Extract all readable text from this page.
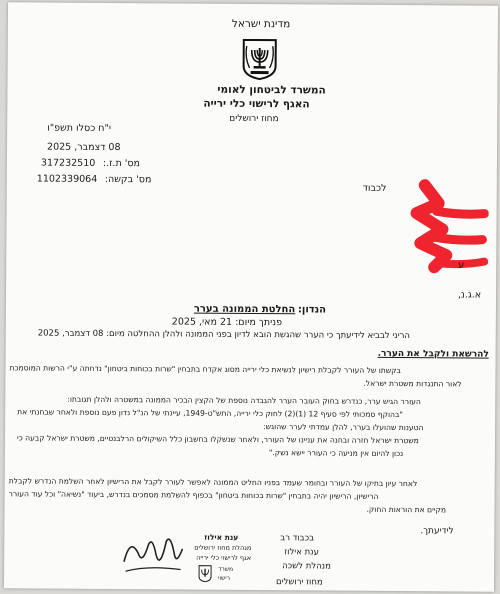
מדינת ישראל
המשרד לביטחון לאומי
האגף לרישוי כלי ירייה
מחוז ירושלים
י"ח כסלו תשפ"ו
08 דצמבר, 2025
317232510 מס' ת.ז.:
1102339064 מס' בקשה:
לכבוד
ע
א.ג.נ,
הנדון:
החלטת הממונה בערר
פניתך מיום: 21 מאי, 2025
הריני לבביא לידיעתך כי הערר שהגשת הובא לדיון בפני הממונה ולהלן ההחלטה מיום: 08 דצמבר, 2025
להרשאת ולקבל את הערר.
בקשתו של העורר לקבלת רישיון לנשיאת כלי ירייה מסוג אקדח בתבחין "שרות בכוחות ביטחון" נדחתה ע"י הרשות המוסמכת
לאור התנגדות משטרת ישראל.
העורר הגיש ערר, כנדרש בחוק העובר הערר להגבדה נוספת של הקצין הבכיר הממונה במשטרה ולהלן תגובתו:
"בהוקף סמכותי לפי סעיף 12 (1)(2) לחוק כלי ירייה, התש"ט-1949, עיינתי של הנ"ל נדון פעם נוספת ולאחר שבחנתי את
הטענות שהועלו בערר, להלן עמדתי לערר שהוגש:
משטרת ישראל חזרה ובחנה את עניינו של העורר, ולאחר שנשקלו בחשבון כלל השיקולים הרלבנטיים, משטרת ישראל קבעה כי
נכון להיום אין מניעה כי העורר יישא נשק."
לאחר עיון בתיקו של העורר ובחומר שעמד בפניו החליט הממונה לאפשר לעורר לקבל את הרישיון לאחר השלמת הנדרש לקבלת
הרישיון, הרישיון יהיה בתבחין "שרות בכוחות ביטחון" בכפוף להשלמת מסמכים בנדרש, ביעוד "נשיאה" וכל עוד העורר
מקיים את הוראות החוק.
לידיעתך.
בכבוד רב
ענת אילוז
מנהלת לשכה
מחוז ירושלים
ענת אילוז
מנהלת מחוז ירושלים
אגף לרישוי כלי ירייה
משרד
רישוי
